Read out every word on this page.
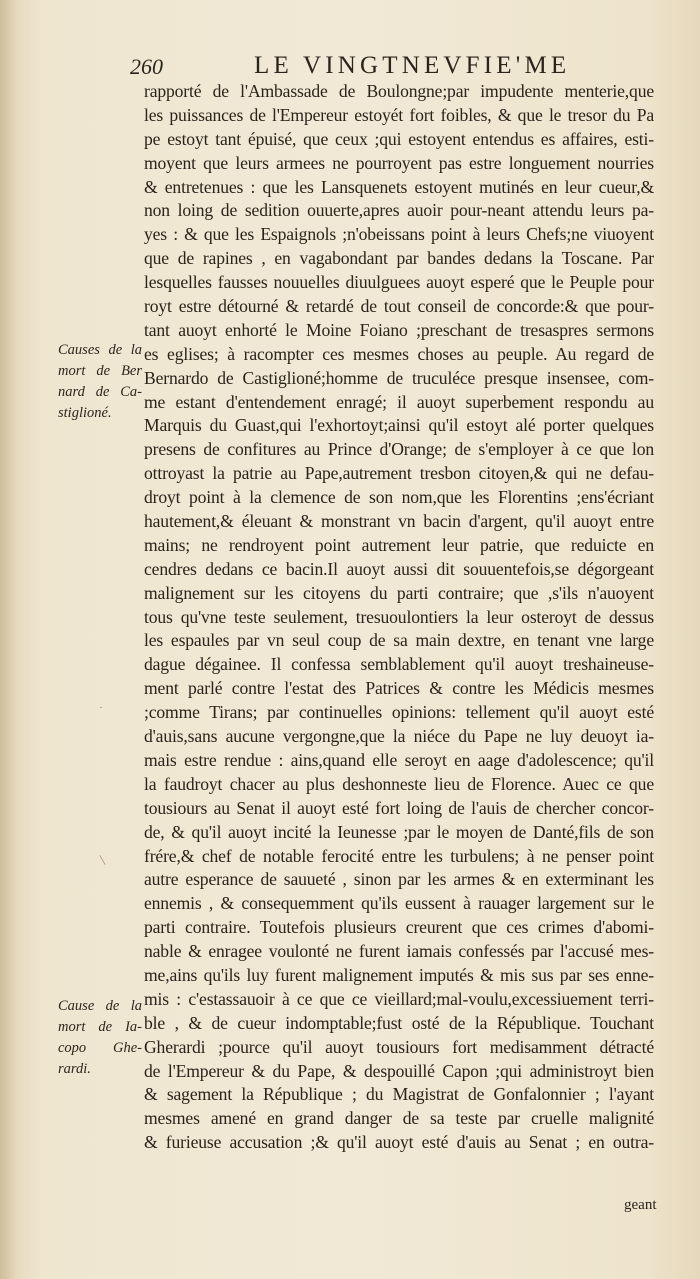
260	LE VINGTNEVFIE'ME
Causes de la
mort de Ber
nard de Ca-
stiglioné.
Cause de la
mort de Ia-
copo Ghe-
rardi.
·
|
rapporté de l'Ambassade de Boulongne;par impudente menterie,que
les puissances de l'Empereur estoyét fort foibles, & que le tresor du Pa
pe estoyt tant épuisé, que ceux ;qui estoyent entendus es affaires, esti-
moyent que leurs armees ne pourroyent pas estre longuement nourries
& entretenues : que les Lansquenets estoyent mutinés en leur cueur,&
non loing de sedition ouuerte,apres auoir pour-neant attendu leurs pa-
yes : & que les Espaignols ;n'obeissans point à leurs Chefs;ne viuoyent
que de rapines , en vagabondant par bandes dedans la Toscane. Par
lesquelles fausses nouuelles diuulguees auoyt esperé que le Peuple pour
royt estre détourné & retardé de tout conseil de concorde:& que pour-
tant auoyt enhorté le Moine Foiano ;preschant de tresaspres sermons
es eglises; à racompter ces mesmes choses au peuple. Au regard de
Bernardo de Castiglioné;homme de truculéce presque insensee, com-
me estant d'entendement enragé; il auoyt superbement respondu au
Marquis du Guast,qui l'exhortoyt;ainsi qu'il estoyt alé porter quelques
presens de confitures au Prince d'Orange; de s'employer à ce que lon
ottroyast la patrie au Pape,autrement tresbon citoyen,& qui ne defau-
droyt point à la clemence de son nom,que les Florentins ;ens'écriant
hautement,& éleuant & monstrant vn bacin d'argent, qu'il auoyt entre
mains; ne rendroyent point autrement leur patrie, que reduicte en
cendres dedans ce bacin.Il auoyt aussi dit souuentefois,se dégorgeant
malignement sur les citoyens du parti contraire; que ,s'ils n'auoyent
tous qu'vne teste seulement, tresuoulontiers la leur osteroyt de dessus
les espaules par vn seul coup de sa main dextre, en tenant vne large
dague dégainee. Il confessa semblablement qu'il auoyt treshaineuse-
ment parlé contre l'estat des Patrices & contre les Médicis mesmes
;comme Tirans; par continuelles opinions: tellement qu'il auoyt esté
d'auis,sans aucune vergongne,que la niéce du Pape ne luy deuoyt ia-
mais estre rendue : ains,quand elle seroyt en aage d'adolescence; qu'il
la faudroyt chacer au plus deshonneste lieu de Florence. Auec ce que
tousiours au Senat il auoyt esté fort loing de l'auis de chercher concor-
de, & qu'il auoyt incité la Ieunesse ;par le moyen de Danté,fils de son
frére,& chef de notable ferocité entre les turbulens; à ne penser point
autre esperance de sauueté , sinon par les armes & en exterminant les
ennemis , & consequemment qu'ils eussent à rauager largement sur le
parti contraire. Toutefois plusieurs creurent que ces crimes d'abomi-
nable & enragee voulonté ne furent iamais confessés par l'accusé mes-
me,ains qu'ils luy furent malignement imputés & mis sus par ses enne-
mis : c'estassauoir à ce que ce vieillard;mal-voulu,excessiuement terri-
ble , & de cueur indomptable;fust osté de la République. Touchant
Gherardi ;pource qu'il auoyt tousiours fort medisamment détracté
de l'Empereur & du Pape, & despouillé Capon ;qui administroyt bien
& sagement la République ; du Magistrat de Gonfalonnier ; l'ayant
mesmes amené en grand danger de sa teste par cruelle malignité
& furieuse accusation ;& qu'il auoyt esté d'auis au Senat ; en outra-
geant
